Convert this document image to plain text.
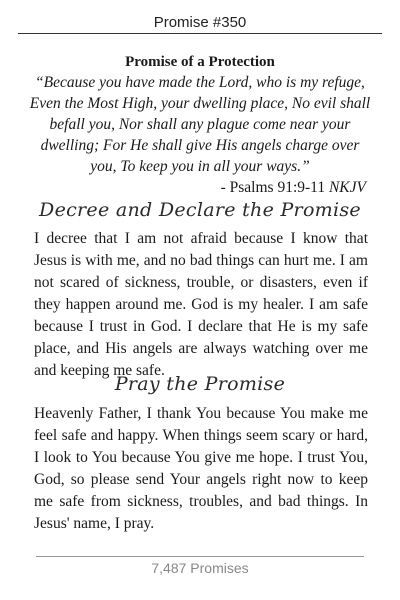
Promise #350

Promise of a Protection

“Because you have made the Lord, who is my refuge, Even the Most High, your dwelling place, No evil shall befall you, Nor shall any plague come near your dwelling; For He shall give His angels charge over you, To keep you in all your ways.”

- Psalms 91:9-11 NKJV

Decree and Declare the Promise

I decree that I am not afraid because I know that Jesus is with me, and no bad things can hurt me. I am not scared of sickness, trouble, or disasters, even if they happen around me. God is my healer. I am safe because I trust in God. I declare that He is my safe place, and His angels are always watching over me and keeping me safe.

Pray the Promise

Heavenly Father, I thank You because You make me feel safe and happy. When things seem scary or hard, I look to You because You give me hope. I trust You, God, so please send Your angels right now to keep me safe from sickness, troubles, and bad things. In Jesus' name, I pray.

7,487 Promises
